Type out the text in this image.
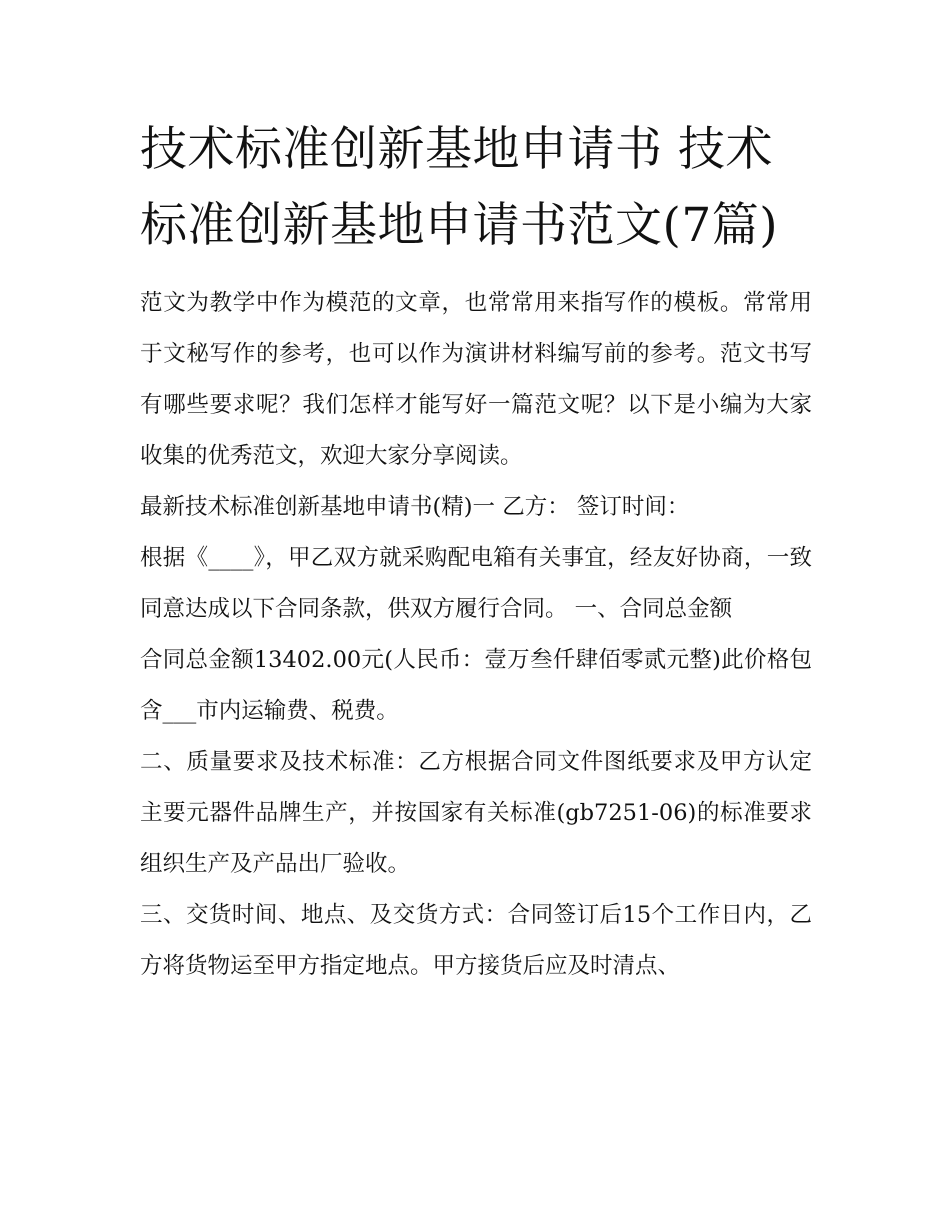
技术标准创新基地申请书 技术标准创新基地申请书范文(7篇)

范文为教学中作为模范的文章，也常常用来指写作的模板。常常用于文秘写作的参考，也可以作为演讲材料编写前的参考。范文书写有哪些要求呢？我们怎样才能写好一篇范文呢？以下是小编为大家收集的优秀范文，欢迎大家分享阅读。

最新技术标准创新基地申请书(精)一 乙方： 签订时间：

根据《____》，甲乙双方就采购配电箱有关事宜，经友好协商，一致同意达成以下合同条款，供双方履行合同。 一、合同总金额

合同总金额13402.00元(人民币：壹万叁仟肆佰零贰元整)此价格包含___市内运输费、税费。

二、质量要求及技术标准：乙方根据合同文件图纸要求及甲方认定主要元器件品牌生产，并按国家有关标准(gb7251-06)的标准要求组织生产及产品出厂验收。

三、交货时间、地点、及交货方式：合同签订后15个工作日内，乙方将货物运至甲方指定地点。甲方接货后应及时清点、
